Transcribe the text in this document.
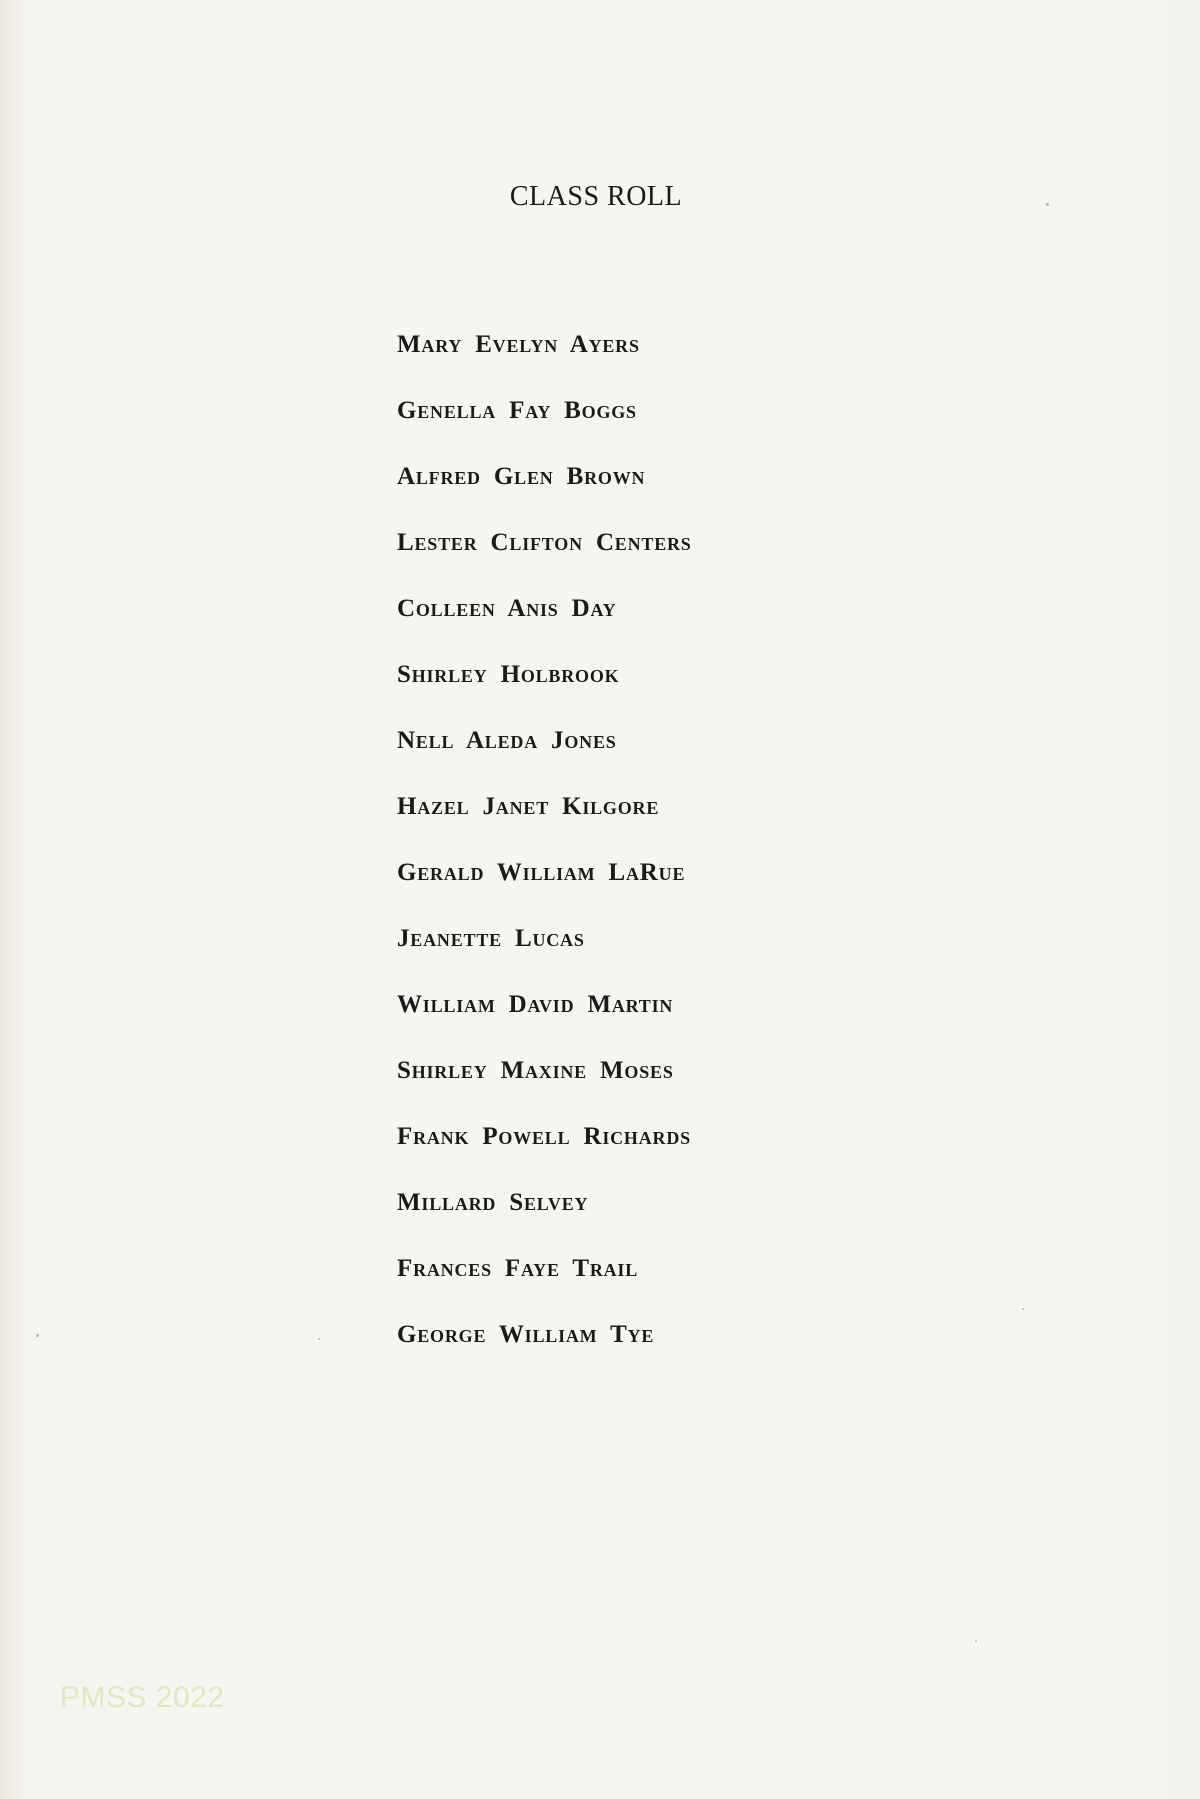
CLASS ROLL
Mary Evelyn Ayers
Genella Fay Boggs
Alfred Glen Brown
Lester Clifton Centers
Colleen Anis Day
Shirley Holbrook
Nell Aleda Jones
Hazel Janet Kilgore
Gerald William LaRue
Jeanette Lucas
William David Martin
Shirley Maxine Moses
Frank Powell Richards
Millard Selvey
Frances Faye Trail
George William Tye
PMSS 2022
